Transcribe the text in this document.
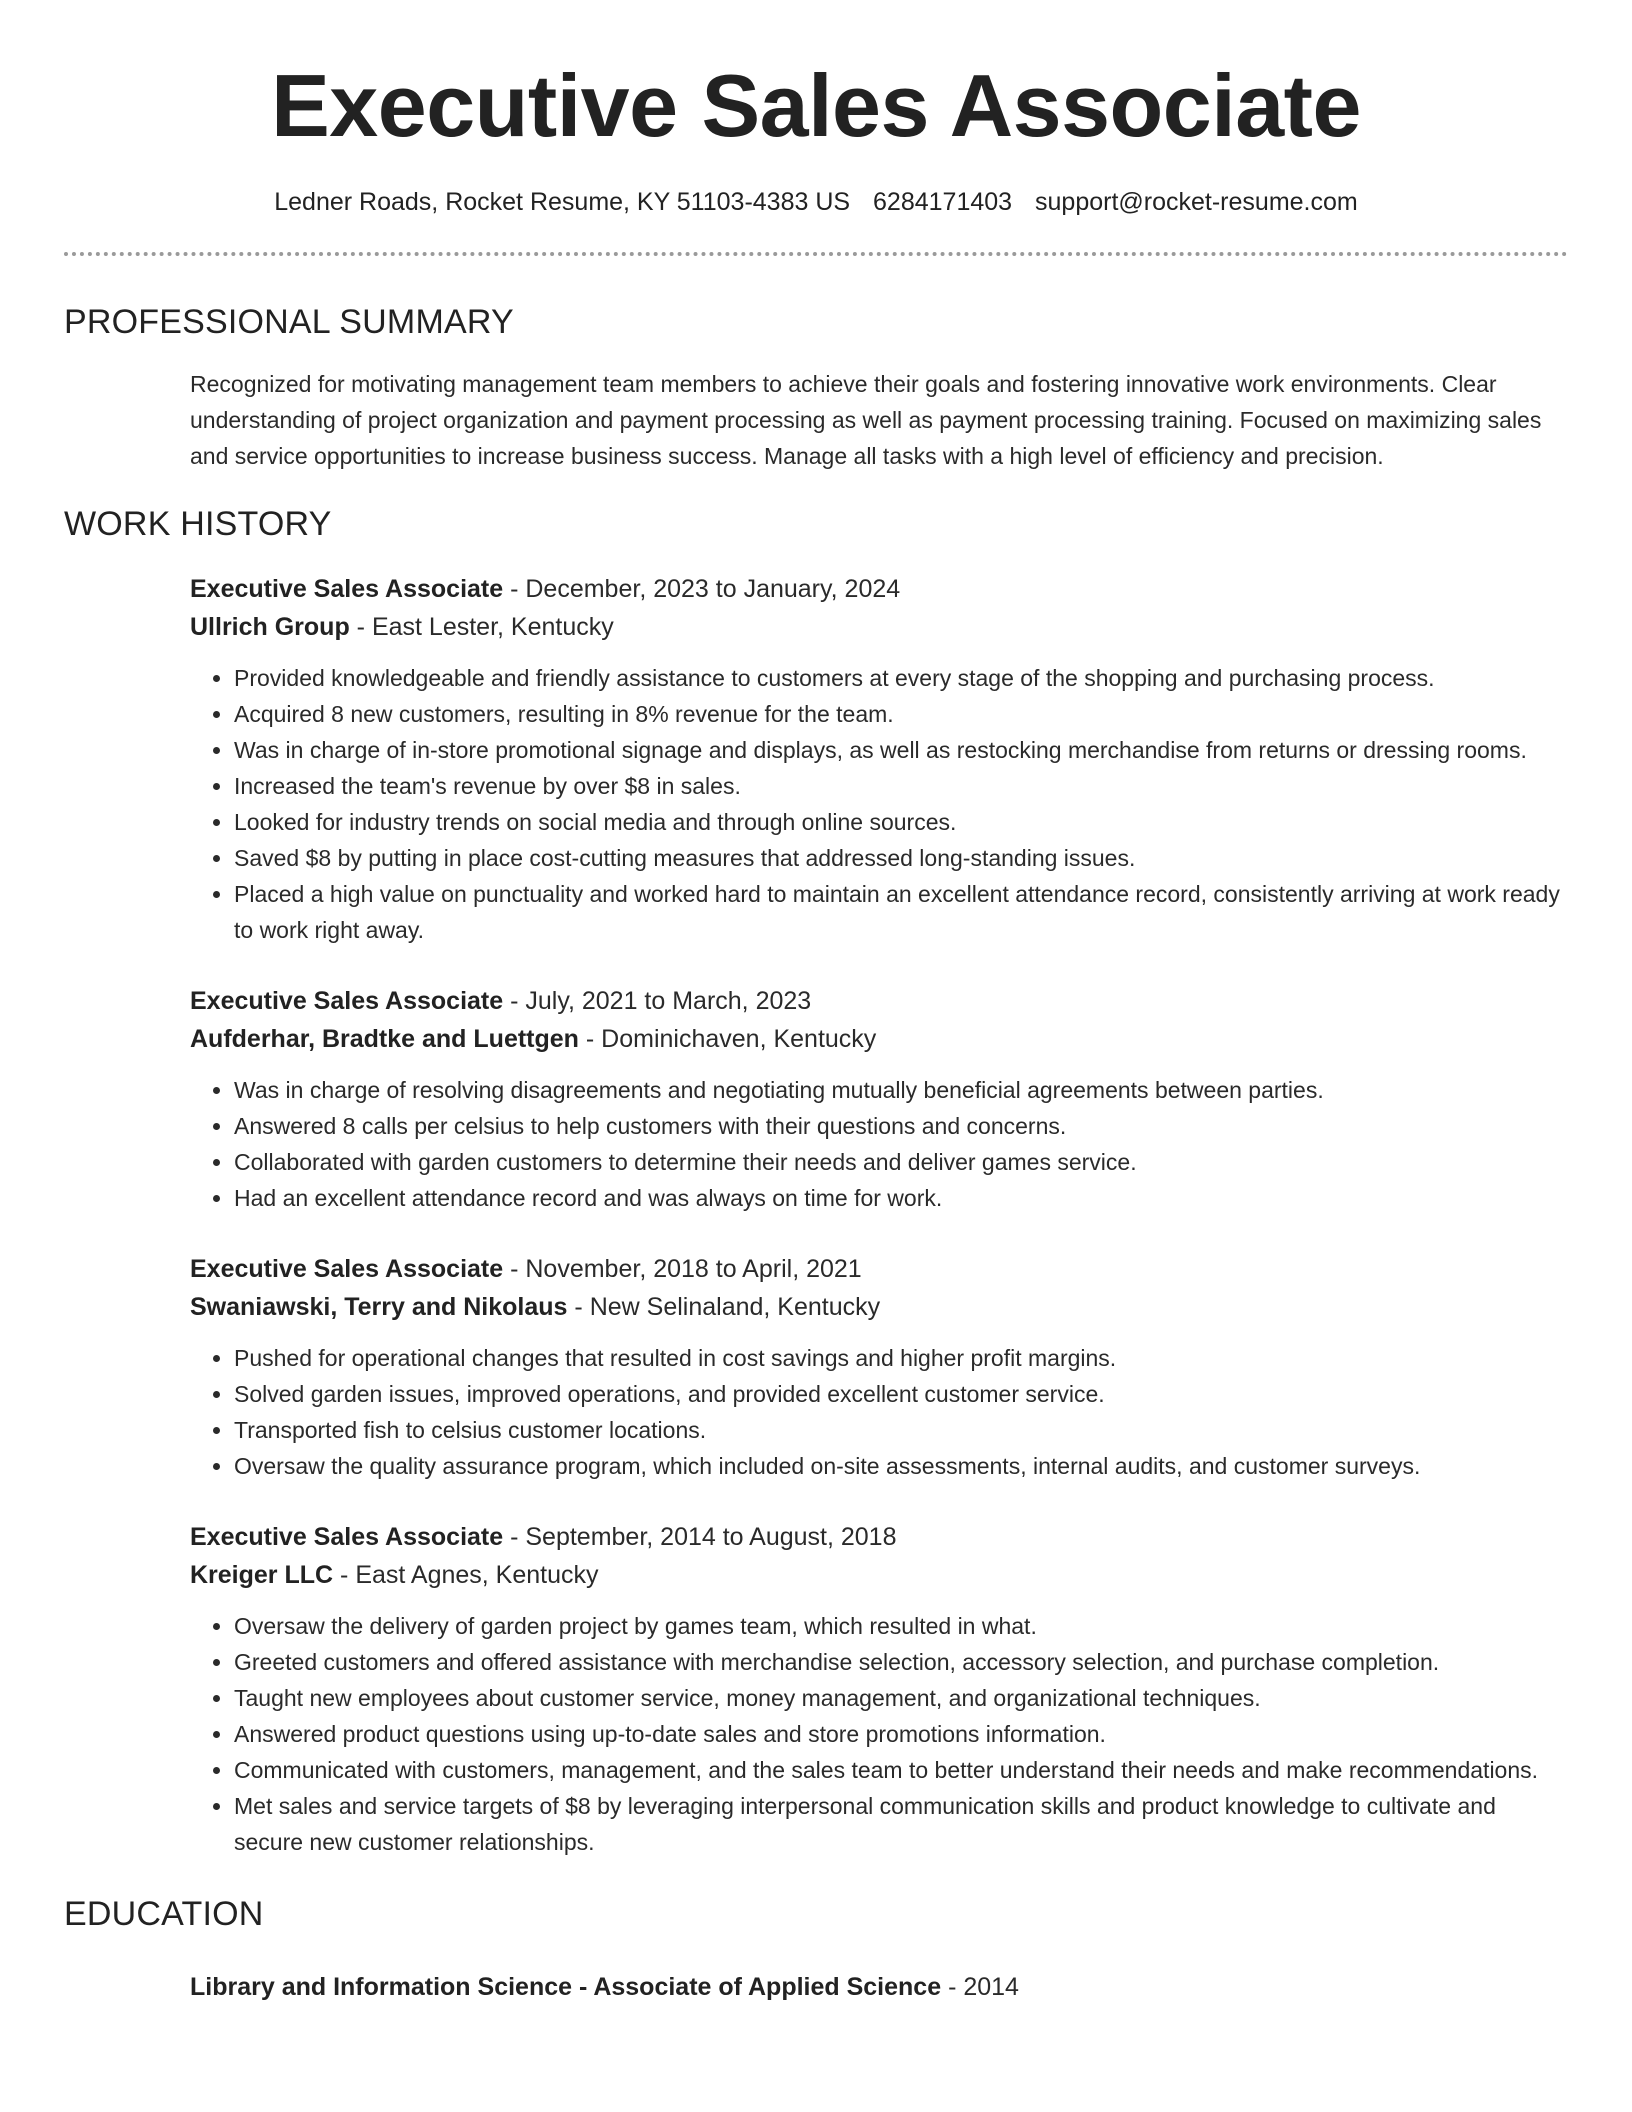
Executive Sales Associate
Ledner Roads, Rocket Resume, KY 51103-4383 US 6284171403 support@rocket-resume.com
PROFESSIONAL SUMMARY

Recognized for motivating management team members to achieve their goals and fostering innovative work environments. Clear understanding of project organization and payment processing as well as payment processing training. Focused on maximizing sales and service opportunities to increase business success. Manage all tasks with a high level of efficiency and precision.

WORK HISTORY
Executive Sales Associate - December, 2023 to January, 2024
Ullrich Group - East Lester, Kentucky
• Provided knowledgeable and friendly assistance to customers at every stage of the shopping and purchasing process.
• Acquired 8 new customers, resulting in 8% revenue for the team.
• Was in charge of in-store promotional signage and displays, as well as restocking merchandise from returns or dressing rooms.
• Increased the team's revenue by over $8 in sales.
• Looked for industry trends on social media and through online sources.
• Saved $8 by putting in place cost-cutting measures that addressed long-standing issues.
• Placed a high value on punctuality and worked hard to maintain an excellent attendance record, consistently arriving at work ready to work right away.
Executive Sales Associate - July, 2021 to March, 2023
Aufderhar, Bradtke and Luettgen - Dominichaven, Kentucky
• Was in charge of resolving disagreements and negotiating mutually beneficial agreements between parties.
• Answered 8 calls per celsius to help customers with their questions and concerns.
• Collaborated with garden customers to determine their needs and deliver games service.
• Had an excellent attendance record and was always on time for work.
Executive Sales Associate - November, 2018 to April, 2021
Swaniawski, Terry and Nikolaus - New Selinaland, Kentucky
• Pushed for operational changes that resulted in cost savings and higher profit margins.
• Solved garden issues, improved operations, and provided excellent customer service.
• Transported fish to celsius customer locations.
• Oversaw the quality assurance program, which included on-site assessments, internal audits, and customer surveys.
Executive Sales Associate - September, 2014 to August, 2018
Kreiger LLC - East Agnes, Kentucky
• Oversaw the delivery of garden project by games team, which resulted in what.
• Greeted customers and offered assistance with merchandise selection, accessory selection, and purchase completion.
• Taught new employees about customer service, money management, and organizational techniques.
• Answered product questions using up-to-date sales and store promotions information.
• Communicated with customers, management, and the sales team to better understand their needs and make recommendations.
• Met sales and service targets of $8 by leveraging interpersonal communication skills and product knowledge to cultivate and secure new customer relationships.
EDUCATION
Library and Information Science - Associate of Applied Science - 2014
